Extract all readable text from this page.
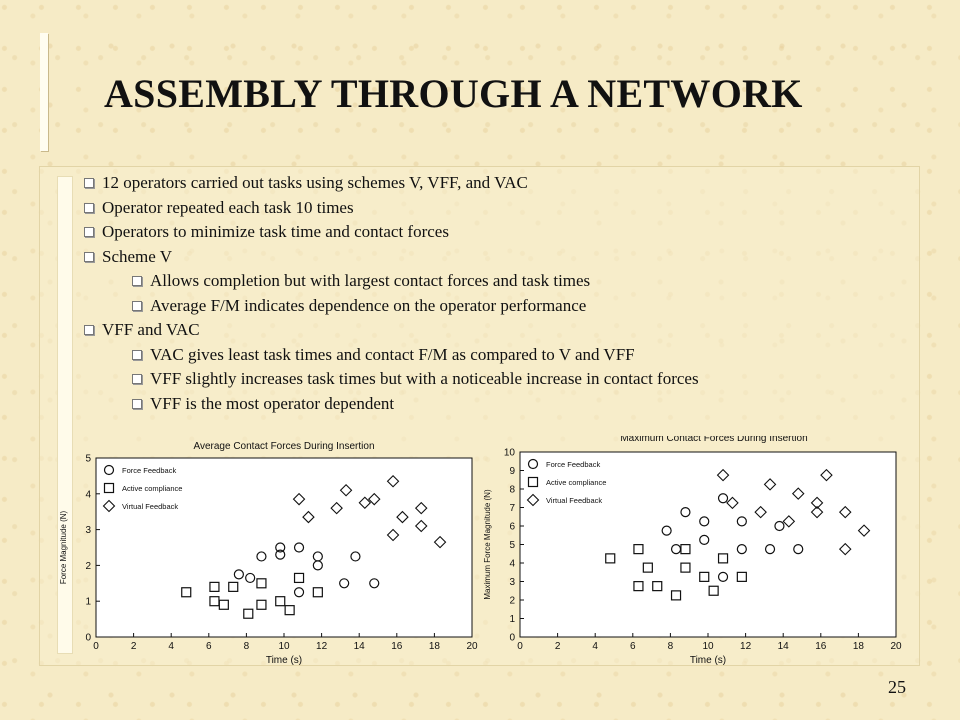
ASSEMBLY THROUGH A NETWORK
12 operators carried out tasks using schemes V, VFF, and VAC
Operator repeated each task 10 times
Operators to minimize task time and contact forces
Scheme V
Allows completion but with largest contact forces and task times
Average F/M indicates dependence on the operator performance
VFF and VAC
VAC gives least task times and contact F/M as compared to V and VFF
VFF slightly increases task times but with a noticeable increase in contact forces
VFF is the most operator dependent
Average Contact Forces During Insertion
0	2	4	6	8	10	12	14	16	18	20
0
1
2
3
4
5
Time (s)
Force Magnitude (N)
Force Feedback
Active compliance
Virtual Feedback
Maximum Contact Forces During Insertion
0	2	4	6	8	10	12	14	16	18	20
0
1
2
3
4
5
6
7
8
9
10
Time (s)
Maximum Force Magnitude (N)
Force Feedback
Active compliance
Virtual Feedback
25
